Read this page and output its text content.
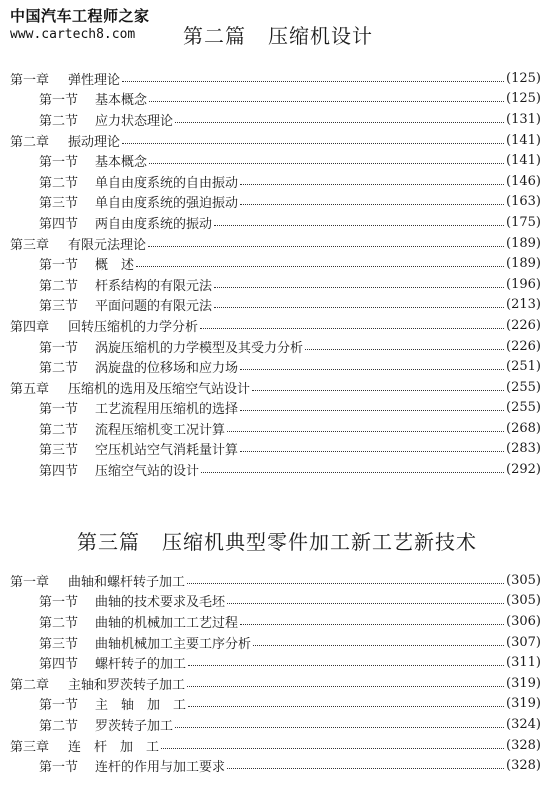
中国汽车工程师之家
www.cartech8.com	第二篇 压缩机设计
第一章	弹性理论	(125)
第一节	基本概念	(125)
第二节	应力状态理论	(131)
第二章	振动理论	(141)
第一节	基本概念	(141)
第二节	单自由度系统的自由振动	(146)
第三节	单自由度系统的强迫振动	(163)
第四节	两自由度系统的振动	(175)
第三章	有限元法理论	(189)
第一节	概　述	(189)
第二节	杆系结构的有限元法	(196)
第三节	平面问题的有限元法	(213)
第四章	回转压缩机的力学分析	(226)
第一节	涡旋压缩机的力学模型及其受力分析	(226)
第二节	涡旋盘的位移场和应力场	(251)
第五章	压缩机的选用及压缩空气站设计	(255)
第一节	工艺流程用压缩机的选择	(255)
第二节	流程压缩机变工况计算	(268)
第三节	空压机站空气消耗量计算	(283)
第四节	压缩空气站的设计	(292)
第三篇 压缩机典型零件加工新工艺新技术
第一章	曲轴和螺杆转子加工	(305)
第一节	曲轴的技术要求及毛坯	(305)
第二节	曲轴的机械加工工艺过程	(306)
第三节	曲轴机械加工主要工序分析	(307)
第四节	螺杆转子的加工	(311)
第二章	主轴和罗茨转子加工	(319)
第一节	主　轴　加　工	(319)
第二节	罗茨转子加工	(324)
第三章	连　杆　加　工	(328)
第一节	连杆的作用与加工要求	(328)
